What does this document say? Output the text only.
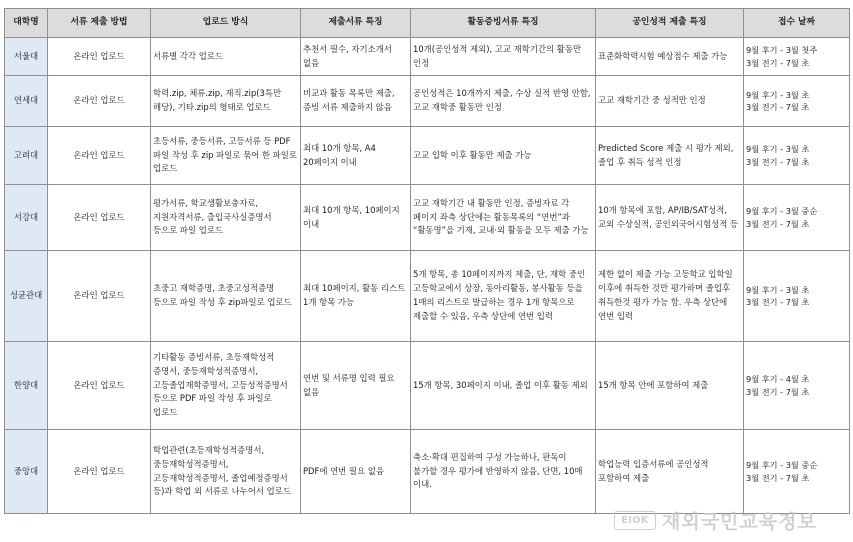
대학명	서류 제출 방법	업로드 방식	제출서류 특징	활동증빙서류 특징	공인성적 제출 특징	접수 날짜
서울대	온라인 업로드	서류별 각각 업로드	추천서 필수, 자기소개서 없음	10개(공인성적 제외), 고교 재학기간의 활동만 인정	표준화학력시험 예상점수 제출 가능	9월 후기 - 3월 첫주
3월 전기 - 7월 초

연세대	온라인 업로드	학력.zip, 체류.zip, 재직.zip(3특만 해당), 기타.zip의 형태로 업로드	비교과 활동 목록만 제출, 증빙 서류 제출하지 않음	공인성적은 10개까지 제출, 수상 실적 반영 안함, 고교 재학중 활동만 인정	고교 재학기간 중 성적만 인정	9월 후기 - 3월 초
3월 전기 - 7월 초

고려대	온라인 업로드	초등서류, 중등서류, 고등서류 등 PDF 파일 작성 후 zip 파일로 묶어 한 파일로 업로드	최대 10개 항목, A4 20페이지 이내	고교 입학 이후 활동만 제출 가능	Predicted Score 제출 시 평가 제외, 졸업 후 취득 성적 인정	9월 후기 - 3월 초
3월 전기 - 7월 초

서강대	온라인 업로드	평가서류, 학교생활보충자료, 지원자격서류, 출입국사실증명서 등으로 파일 업로드	최대 10개 항목, 10페이지 이내	고교 재학기간 내 활동만 인정, 증빙자료 각 페이지 좌측 상단에는 활동목록의 “연번”과 “활동명”을 기재, 교내·외 활동을 모두 제출 가능	10개 항목에 포함, AP/IB/SAT성적, 교외 수상실적, 공인외국어시험성적 등	9월 후기 - 3월 중순
3월 전기 - 7월 초

성균관대	온라인 업로드	초중고 재학증명, 초중고성적증명 등으로 파일 작성 후 zip파일로 업로드	최대 10페이지, 활동 리스트 1개 항목 가능	5개 항목, 총 10페이지까지 제출, 단, 재학 중인 고등학교에서 상장, 동아리활동, 봉사활동 등을 1매의 리스트로 발급하는 경우 1개 항목으로 제출할 수 있음, 우측 상단에 연번 입력	제한 없이 제출 가능 고등학교 입학일 이후에 취득한 것만 평가하며 졸업후 취득한것 평가 가능 함. 우측 상단에 연번 입력	9월 후기 - 3월 초
3월 전기 - 7월 초

한양대	온라인 업로드	기타활동 증빙서류, 초등재학성적 증명서, 중등재학성적증명서, 고등졸업재학증명서, 고등성적증명서 등으로 PDF 파일 작성 후 파일로 업로드	연번 및 서류명 입력 필요 없음	15개 항목, 30페이지 이내, 졸업 이후 활동 제외	15개 항목 안에 포함하여 제출	9월 후기 - 4월 초
3월 전기 - 7월 초

중앙대	온라인 업로드	학업관련(초등재학성적증명서, 중등재학성적증명서, 고등재학성적증명서, 졸업예정증명서 등)과 학업 외 서류로 나누어서 업로드	PDF에 연번 필요 없음	축소·확대 편집하여 구성 가능하나, 판독이 불가할 경우 평가에 반영하지 않음, 단면, 10매 이내.	학업능력 입증서류에 공인성적 포함하여 제출	9월 후기 - 3월 중순
3월 전기 - 7월 초
EIOK 재외국민교육정보
